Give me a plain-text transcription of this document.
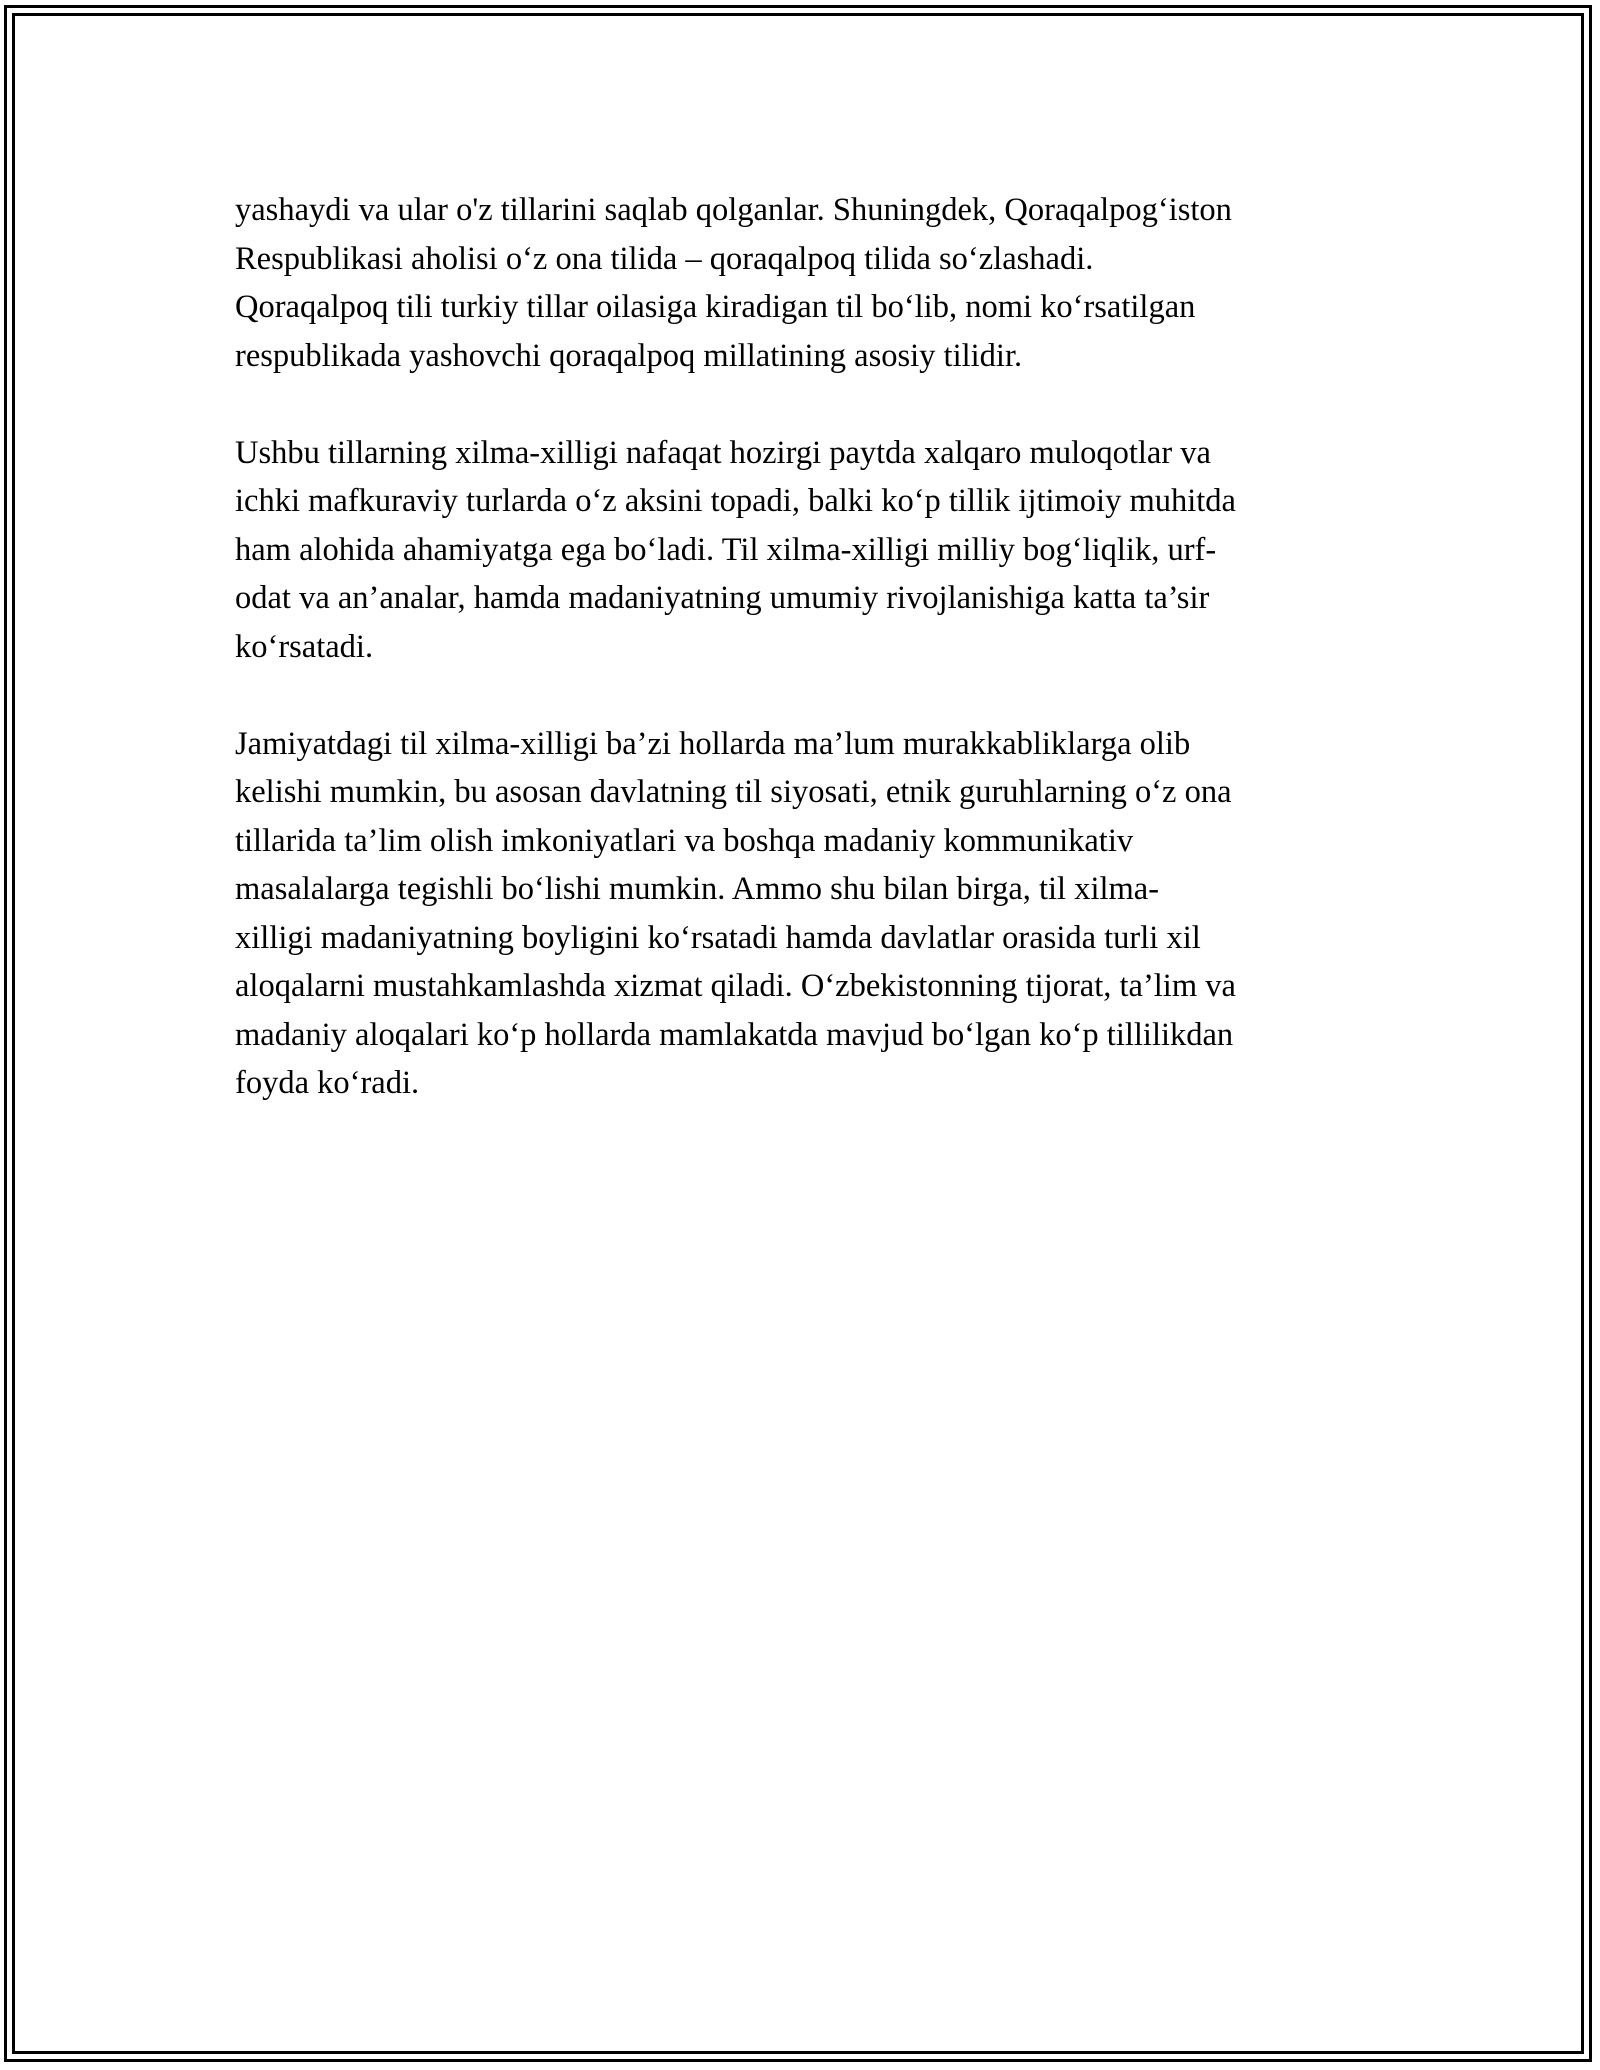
yashaydi va ular o'z tillarini saqlab qolganlar. Shuningdek, Qoraqalpog‘iston
Respublikasi aholisi o‘z ona tilida – qoraqalpoq tilida so‘zlashadi.
Qoraqalpoq tili turkiy tillar oilasiga kiradigan til bo‘lib, nomi ko‘rsatilgan
respublikada yashovchi qoraqalpoq millatining asosiy tilidir.

Ushbu tillarning xilma-xilligi nafaqat hozirgi paytda xalqaro muloqotlar va
ichki mafkuraviy turlarda o‘z aksini topadi, balki ko‘p tillik ijtimoiy muhitda
ham alohida ahamiyatga ega bo‘ladi. Til xilma-xilligi milliy bog‘liqlik, urf-
odat va an’analar, hamda madaniyatning umumiy rivojlanishiga katta ta’sir
ko‘rsatadi.

Jamiyatdagi til xilma-xilligi ba’zi hollarda ma’lum murakkabliklarga olib
kelishi mumkin, bu asosan davlatning til siyosati, etnik guruhlarning o‘z ona
tillarida ta’lim olish imkoniyatlari va boshqa madaniy kommunikativ
masalalarga tegishli bo‘lishi mumkin. Ammo shu bilan birga, til xilma-
xilligi madaniyatning boyligini ko‘rsatadi hamda davlatlar orasida turli xil
aloqalarni mustahkamlashda xizmat qiladi. O‘zbekistonning tijorat, ta’lim va
madaniy aloqalari ko‘p hollarda mamlakatda mavjud bo‘lgan ko‘p tillilikdan
foyda ko‘radi.
